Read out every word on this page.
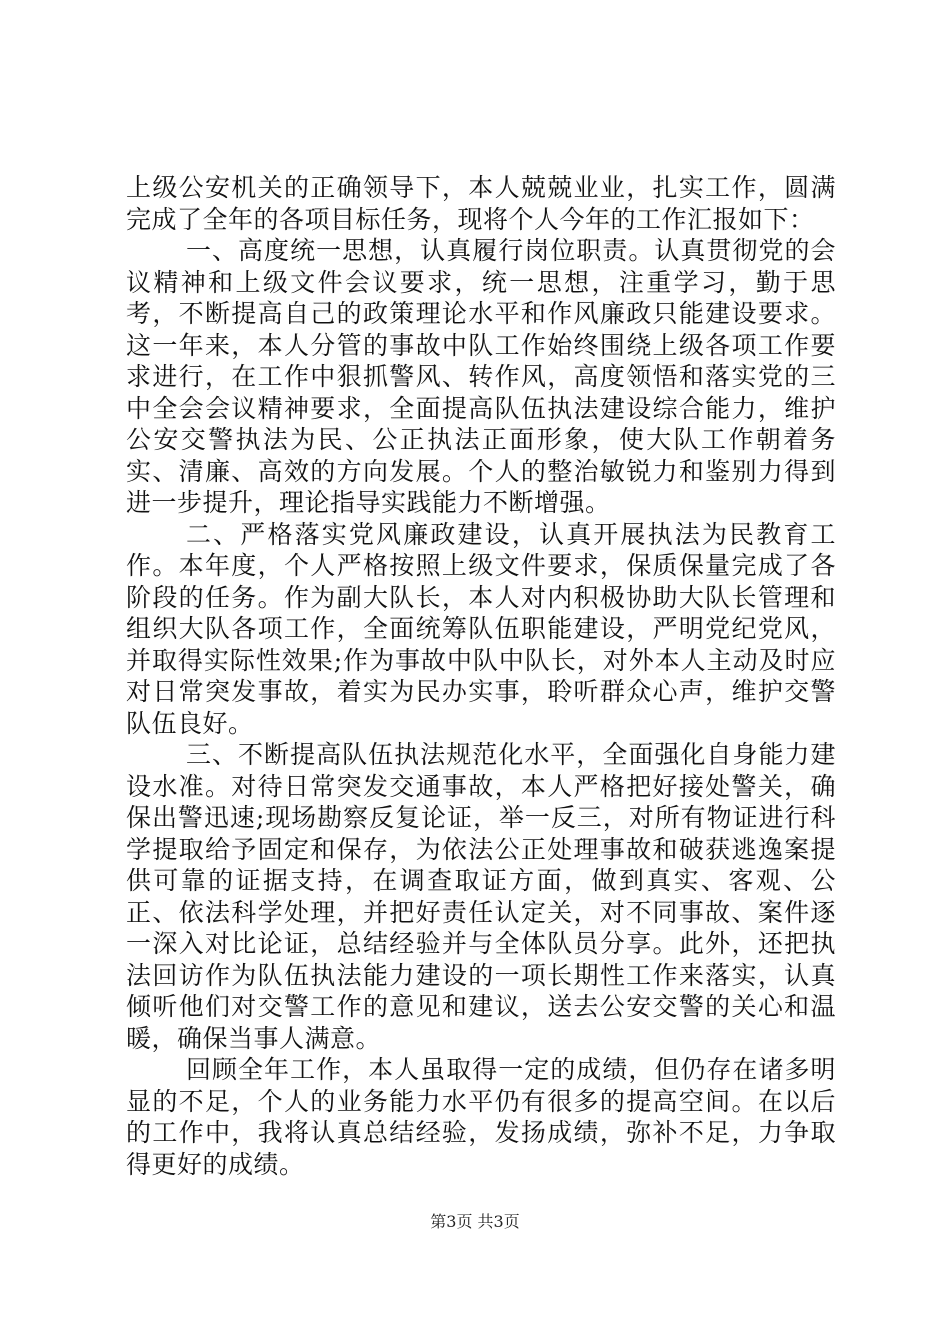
上级公安机关的正确领导下，本人兢兢业业，扎实工作，圆满完成了全年的各项目标任务，现将个人今年的工作汇报如下：

一、高度统一思想，认真履行岗位职责。认真贯彻党的会议精神和上级文件会议要求，统一思想，注重学习，勤于思考，不断提高自己的政策理论水平和作风廉政只能建设要求。这一年来，本人分管的事故中队工作始终围绕上级各项工作要求进行，在工作中狠抓警风、转作风，高度领悟和落实党的三中全会会议精神要求，全面提高队伍执法建设综合能力，维护公安交警执法为民、公正执法正面形象，使大队工作朝着务实、清廉、高效的方向发展。个人的整治敏锐力和鉴别力得到进一步提升，理论指导实践能力不断增强。

二、严格落实党风廉政建设，认真开展执法为民教育工作。本年度，个人严格按照上级文件要求，保质保量完成了各阶段的任务。作为副大队长，本人对内积极协助大队长管理和组织大队各项工作，全面统筹队伍职能建设，严明党纪党风，并取得实际性效果;作为事故中队中队长，对外本人主动及时应对日常突发事故，着实为民办实事，聆听群众心声，维护交警队伍良好。

三、不断提高队伍执法规范化水平，全面强化自身能力建设水准。对待日常突发交通事故，本人严格把好接处警关，确保出警迅速;现场勘察反复论证，举一反三，对所有物证进行科学提取给予固定和保存，为依法公正处理事故和破获逃逸案提供可靠的证据支持，在调查取证方面，做到真实、客观、公正、依法科学处理，并把好责任认定关，对不同事故、案件逐一深入对比论证，总结经验并与全体队员分享。此外，还把执法回访作为队伍执法能力建设的一项长期性工作来落实，认真倾听他们对交警工作的意见和建议，送去公安交警的关心和温暖，确保当事人满意。

回顾全年工作，本人虽取得一定的成绩，但仍存在诸多明显的不足，个人的业务能力水平仍有很多的提高空间。在以后的工作中，我将认真总结经验，发扬成绩，弥补不足，力争取得更好的成绩。

第3页 共3页
